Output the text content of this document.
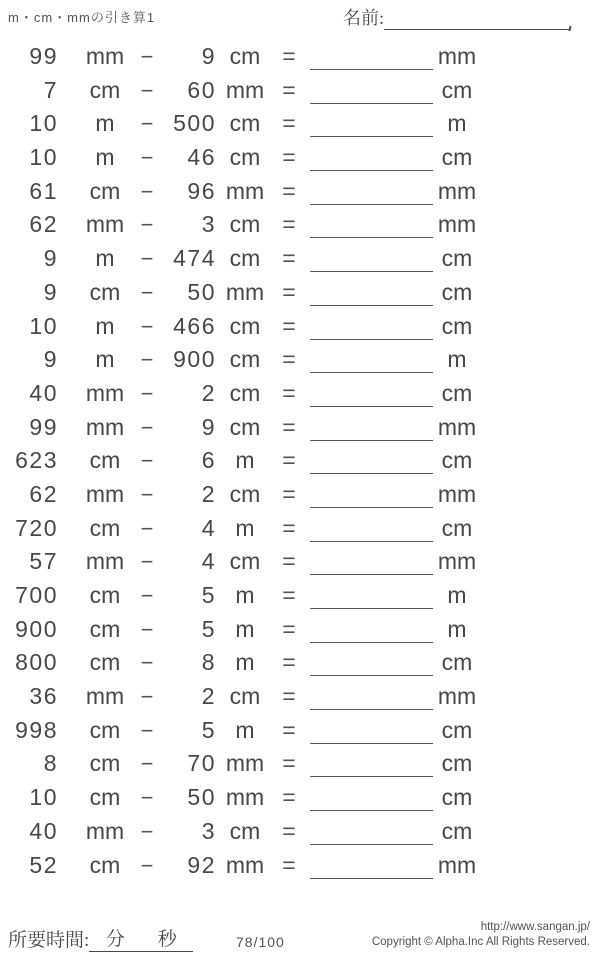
m・cm・mmの引き算1	名前:
99	mm −	9 cm =	mm
7	cm −	60 mm =	cm
10	m	− 500 cm =	m
10	m	−	46 cm =	cm
61	cm −	96 mm =	mm
62	mm −	3 cm =	mm
9	m	− 474 cm =	cm
9	cm −	50 mm =	cm
10	m	− 466 cm =	cm
9	m	− 900 cm =	m
40	mm −	2 cm =	cm
99	mm −	9 cm =	mm
623	cm −	6 m	=	cm
62	mm −	2 cm =	mm
720	cm −	4 m	=	cm
57	mm −	4 cm =	mm
700	cm −	5 m	=	m
900	cm −	5 m	=	m
800	cm −	8 m	=	cm
36	mm −	2 cm =	mm
998	cm −	5 m	=	cm
8	cm −	70 mm =	cm
10	cm −	50 mm =	cm
40	mm −	3 cm =	cm
52	cm −	92 mm =	mm
所要時間: 分 秒	78/100
http://www.sangan.jp/
Copyright © Alpha.Inc All Rights Reserved.
